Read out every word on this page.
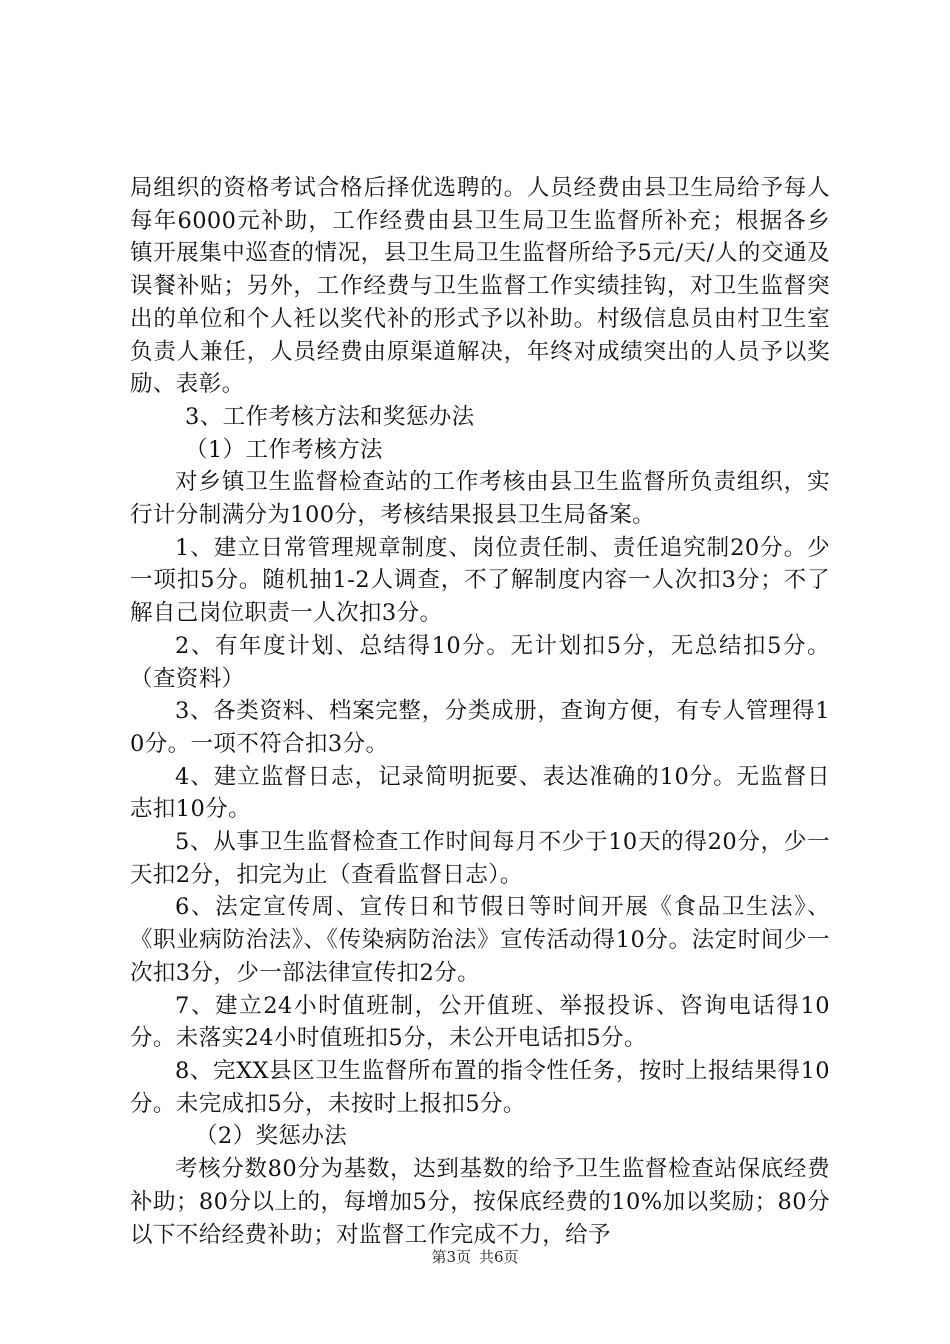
局组织的资格考试合格后择优选聘的。人员经费由县卫生局给予每人每年6000元补助，工作经费由县卫生局卫生监督所补充；根据各乡镇开展集中巡查的情况，县卫生局卫生监督所给予5元/天/人的交通及误餐补贴；另外，工作经费与卫生监督工作实绩挂钩，对卫生监督突出的单位和个人衽以奖代补的形式予以补助。村级信息员由村卫生室负责人兼任，人员经费由原渠道解决，年终对成绩突出的人员予以奖励、表彰。

3、工作考核方法和奖惩办法

（1）工作考核方法

对乡镇卫生监督检查站的工作考核由县卫生监督所负责组织，实行计分制满分为100分，考核结果报县卫生局备案。

1、建立日常管理规章制度、岗位责任制、责任追究制20分。少一项扣5分。随机抽1-2人调查，不了解制度内容一人次扣3分；不了解自己岗位职责一人次扣3分。

2、有年度计划、总结得10分。无计划扣5分，无总结扣5分。（查资料）

3、各类资料、档案完整，分类成册，查询方便，有专人管理得10分。一项不符合扣3分。

4、建立监督日志，记录简明扼要、表达准确的10分。无监督日志扣10分。

5、从事卫生监督检查工作时间每月不少于10天的得20分，少一天扣2分，扣完为止（查看监督日志）。

6、法定宣传周、宣传日和节假日等时间开展《食品卫生法》、《职业病防治法》、《传染病防治法》宣传活动得10分。法定时间少一次扣3分，少一部法律宣传扣2分。

7、建立24小时值班制，公开值班、举报投诉、咨询电话得10分。未落实24小时值班扣5分，未公开电话扣5分。

8、完XX县区卫生监督所布置的指令性任务，按时上报结果得10分。未完成扣5分，未按时上报扣5分。

（2）奖惩办法

考核分数80分为基数，达到基数的给予卫生监督检查站保底经费补助；80分以上的，每增加5分，按保底经费的10%加以奖励；80分以下不给经费补助；对监督工作完成不力，给予

第3页 共6页
